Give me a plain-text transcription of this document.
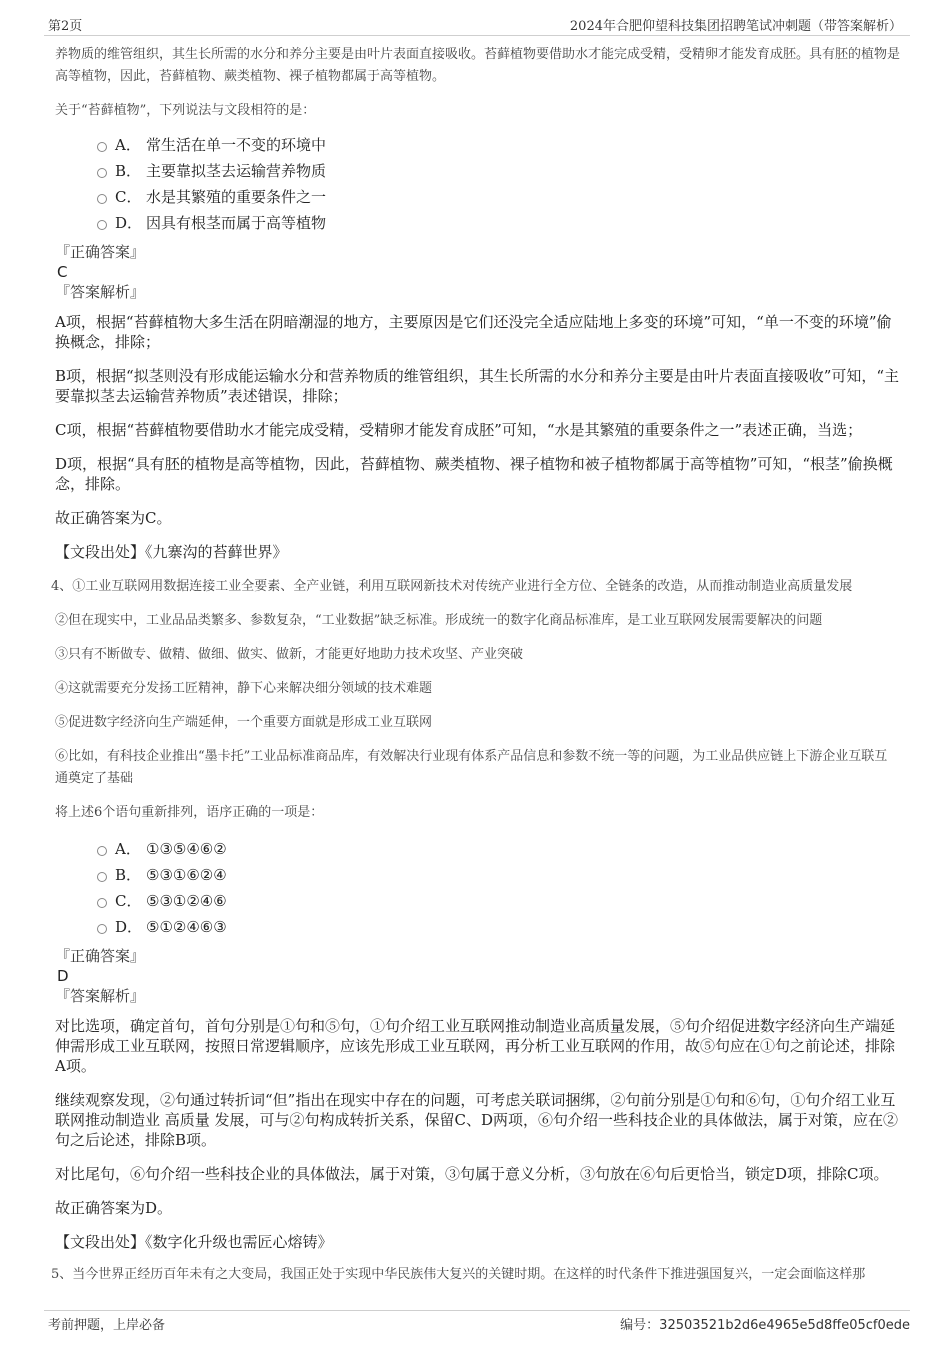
第2页	2024年合肥仰望科技集团招聘笔试冲刺题（带答案解析）
养物质的维管组织，其生长所需的水分和养分主要是由叶片表面直接吸收。苔藓植物要借助水才能完成受精，受精卵才能发育成胚。具有胚的植物是高等植物，因此，苔藓植物、蕨类植物、裸子植物都属于高等植物。
关于“苔藓植物”，下列说法与文段相符的是：
A． 常生活在单一不变的环境中
B． 主要靠拟茎去运输营养物质
C． 水是其繁殖的重要条件之一
D． 因具有根茎而属于高等植物
『正确答案』
C
『答案解析』

A项，根据“苔藓植物大多生活在阴暗潮湿的地方，主要原因是它们还没完全适应陆地上多变的环境”可知，“单一不变的环境”偷换概念，排除；

B项，根据“拟茎则没有形成能运输水分和营养物质的维管组织，其生长所需的水分和养分主要是由叶片表面直接吸收”可知，“主要靠拟茎去运输营养物质”表述错误，排除；

C项，根据“苔藓植物要借助水才能完成受精，受精卵才能发育成胚”可知，“水是其繁殖的重要条件之一”表述正确，当选；

D项，根据“具有胚的植物是高等植物，因此，苔藓植物、蕨类植物、裸子植物和被子植物都属于高等植物”可知，“根茎”偷换概念，排除。

故正确答案为C。

【文段出处】《九寨沟的苔藓世界》
4、①工业互联网用数据连接工业全要素、全产业链，利用互联网新技术对传统产业进行全方位、全链条的改造，从而推动制造业高质量发展
②但在现实中，工业品品类繁多、参数复杂，“工业数据”缺乏标准。形成统一的数字化商品标准库，是工业互联网发展需要解决的问题
③只有不断做专、做精、做细、做实、做新，才能更好地助力技术攻坚、产业突破
④这就需要充分发扬工匠精神，静下心来解决细分领域的技术难题
⑤促进数字经济向生产端延伸，一个重要方面就是形成工业互联网
⑥比如，有科技企业推出“墨卡托”工业品标准商品库，有效解决行业现有体系产品信息和参数不统一等的问题，为工业品供应链上下游企业互联互通奠定了基础
将上述6个语句重新排列，语序正确的一项是：
A． ①③⑤④⑥②
B． ⑤③①⑥②④
C． ⑤③①②④⑥
D． ⑤①②④⑥③
『正确答案』
D
『答案解析』

对比选项，确定首句，首句分别是①句和⑤句，①句介绍工业互联网推动制造业高质量发展，⑤句介绍促进数字经济向生产端延伸需形成工业互联网，按照日常逻辑顺序，应该先形成工业互联网，再分析工业互联网的作用，故⑤句应在①句之前论述，排除A项。

继续观察发现，②句通过转折词“但”指出在现实中存在的问题，可考虑关联词捆绑，②句前分别是①句和⑥句，①句介绍工业互联网推动制造业 高质量 发展，可与②句构成转折关系，保留C、D两项，⑥句介绍一些科技企业的具体做法，属于对策，应在②句之后论述，排除B项。

对比尾句，⑥句介绍一些科技企业的具体做法，属于对策，③句属于意义分析，③句放在⑥句后更恰当，锁定D项，排除C项。

故正确答案为D。

【文段出处】《数字化升级也需匠心熔铸》
5、当今世界正经历百年未有之大变局，我国正处于实现中华民族伟大复兴的关键时期。在这样的时代条件下推进强国复兴，一定会面临这样那
考前押题，上岸必备	编号：32503521b2d6e4965e5d8ffe05cf0ede
